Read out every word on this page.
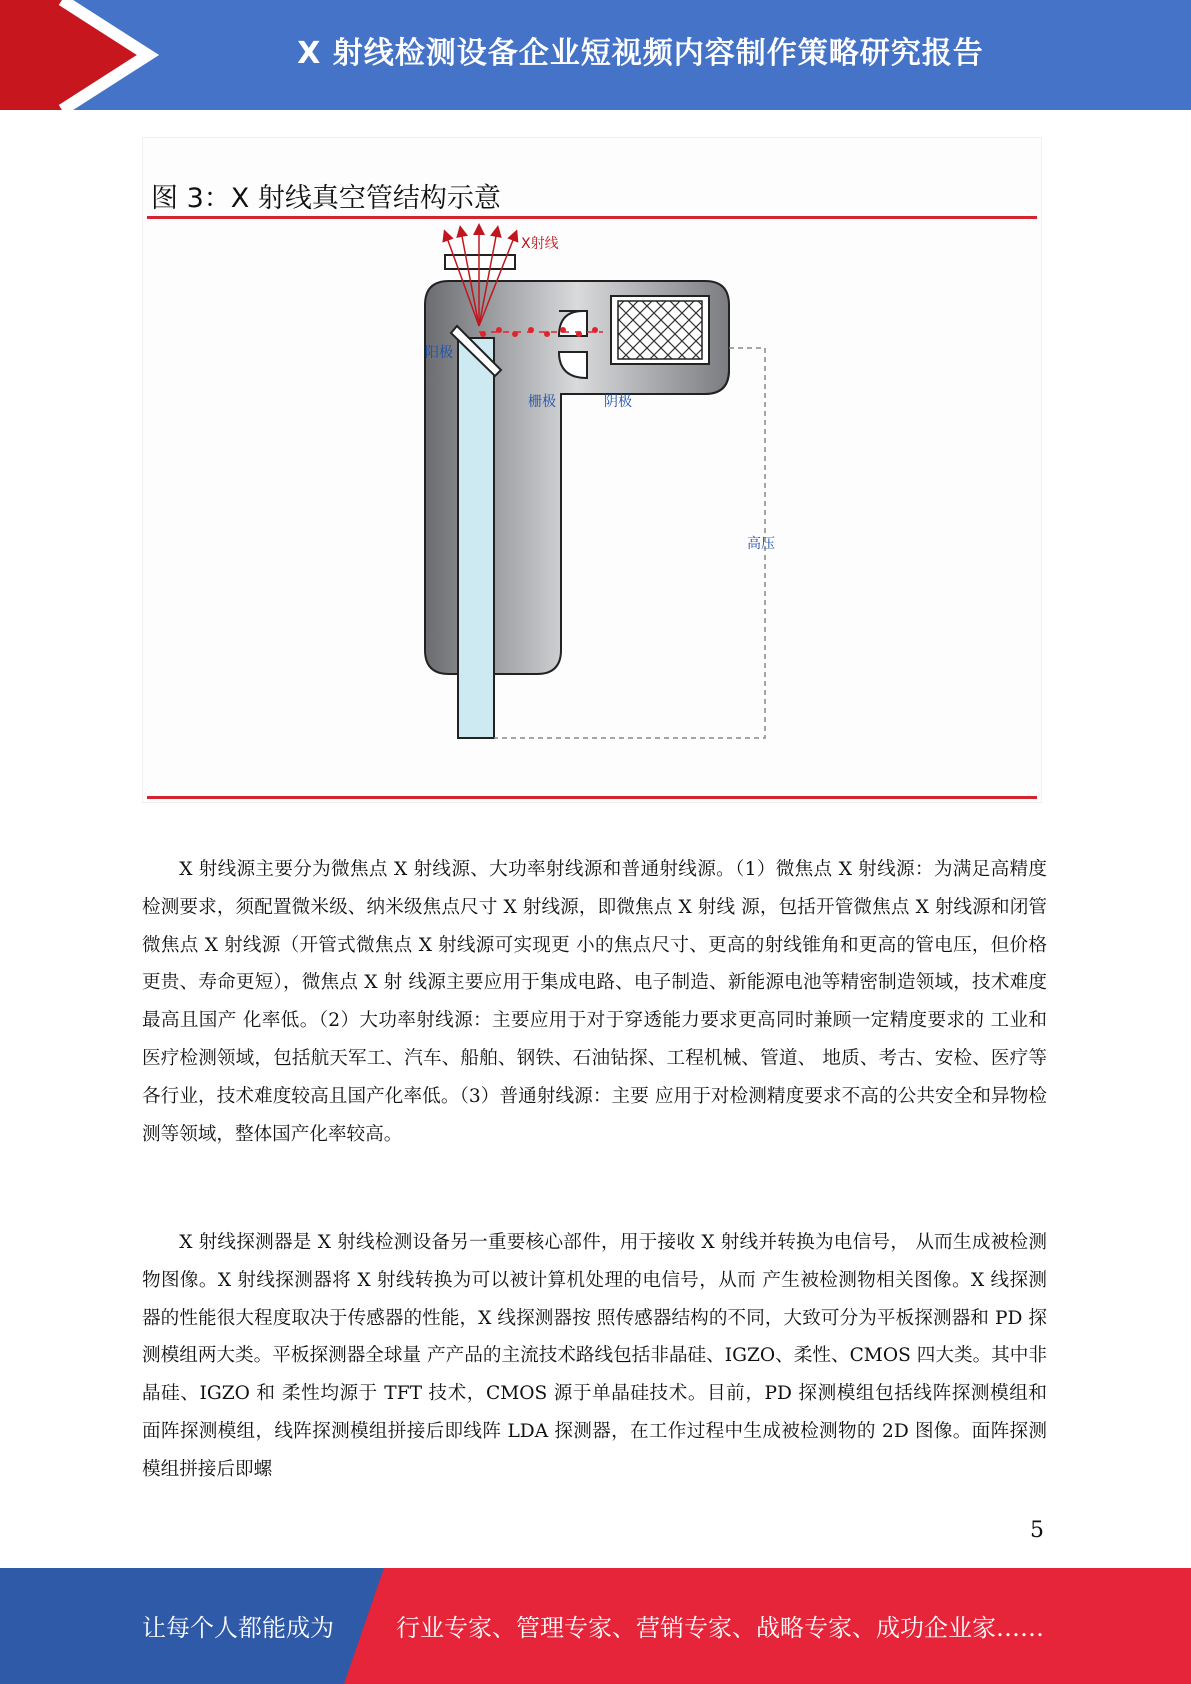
X 射线检测设备企业短视频内容制作策略研究报告
图 3：X 射线真空管结构示意
X射线
阳极
栅极	阴极
高压

X 射线源主要分为微焦点 X 射线源、大功率射线源和普通射线源。（1）微焦点 X 射线源：为满足高精度检测要求，须配置微米级、纳米级焦点尺寸 X 射线源，即微焦点 X 射线 源，包括开管微焦点 X 射线源和闭管微焦点 X 射线源（开管式微焦点 X 射线源可实现更 小的焦点尺寸、更高的射线锥角和更高的管电压，但价格更贵、寿命更短），微焦点 X 射 线源主要应用于集成电路、电子制造、新能源电池等精密制造领域，技术难度最高且国产 化率低。（2）大功率射线源：主要应用于对于穿透能力要求更高同时兼顾一定精度要求的 工业和医疗检测领域，包括航天军工、汽车、船舶、钢铁、石油钻探、工程机械、管道、 地质、考古、安检、医疗等各行业，技术难度较高且国产化率低。（3）普通射线源：主要 应用于对检测精度要求不高的公共安全和异物检测等领域，整体国产化率较高。

X 射线探测器是 X 射线检测设备另一重要核心部件，用于接收 X 射线并转换为电信号， 从而生成被检测物图像。X 射线探测器将 X 射线转换为可以被计算机处理的电信号，从而 产生被检测物相关图像。X 线探测器的性能很大程度取决于传感器的性能，X 线探测器按 照传感器结构的不同，大致可分为平板探测器和 PD 探测模组两大类。平板探测器全球量 产产品的主流技术路线包括非晶硅、IGZO、柔性、CMOS 四大类。其中非晶硅、IGZO 和 柔性均源于 TFT 技术，CMOS 源于单晶硅技术。目前，PD 探测模组包括线阵探测模组和 面阵探测模组，线阵探测模组拼接后即线阵 LDA 探测器，在工作过程中生成被检测物的 2D 图像。面阵探测模组拼接后即螺

5
让每个人都能成为	行业专家、管理专家、营销专家、战略专家、成功企业家……
